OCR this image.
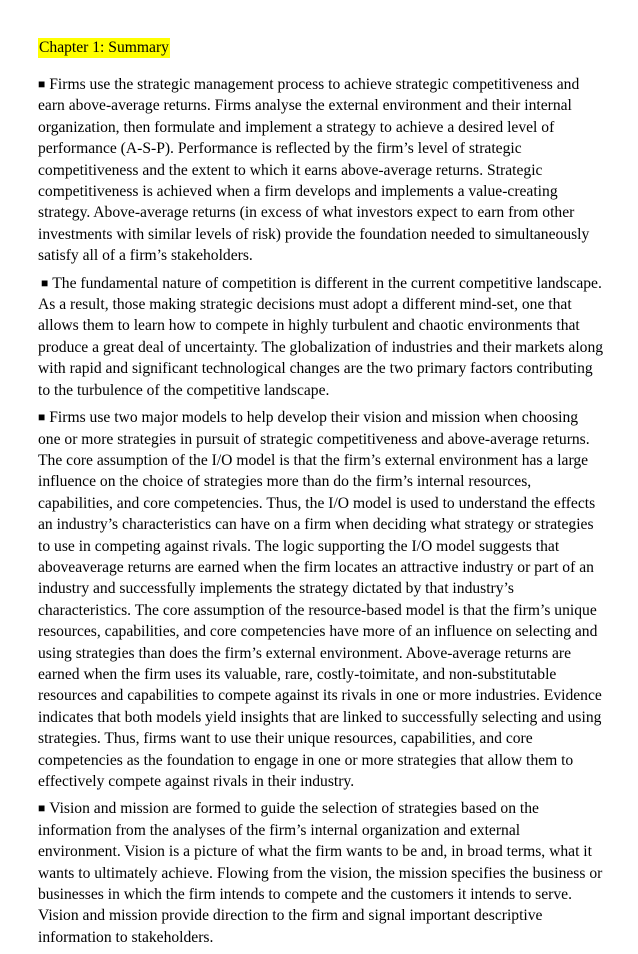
Chapter 1: Summary

■ Firms use the strategic management process to achieve strategic competitiveness and earn above-average returns. Firms analyse the external environment and their internal organization, then formulate and implement a strategy to achieve a desired level of performance (A-S-P). Performance is reflected by the firm’s level of strategic competitiveness and the extent to which it earns above-average returns. Strategic competitiveness is achieved when a firm develops and implements a value-creating strategy. Above-average returns (in excess of what investors expect to earn from other investments with similar levels of risk) provide the foundation needed to simultaneously satisfy all of a firm’s stakeholders.

■ The fundamental nature of competition is different in the current competitive landscape. As a result, those making strategic decisions must adopt a different mind-set, one that allows them to learn how to compete in highly turbulent and chaotic environments that produce a great deal of uncertainty. The globalization of industries and their markets along with rapid and significant technological changes are the two primary factors contributing to the turbulence of the competitive landscape.

■ Firms use two major models to help develop their vision and mission when choosing one or more strategies in pursuit of strategic competitiveness and above-average returns. The core assumption of the I/O model is that the firm’s external environment has a large influence on the choice of strategies more than do the firm’s internal resources, capabilities, and core competencies. Thus, the I/O model is used to understand the effects an industry’s characteristics can have on a firm when deciding what strategy or strategies to use in competing against rivals. The logic supporting the I/O model suggests that aboveaverage returns are earned when the firm locates an attractive industry or part of an industry and successfully implements the strategy dictated by that industry’s characteristics. The core assumption of the resource-based model is that the firm’s unique resources, capabilities, and core competencies have more of an influence on selecting and using strategies than does the firm’s external environment. Above-average returns are earned when the firm uses its valuable, rare, costly-toimitate, and non-substitutable resources and capabilities to compete against its rivals in one or more industries. Evidence indicates that both models yield insights that are linked to successfully selecting and using strategies. Thus, firms want to use their unique resources, capabilities, and core competencies as the foundation to engage in one or more strategies that allow them to effectively compete against rivals in their industry.

■ Vision and mission are formed to guide the selection of strategies based on the information from the analyses of the firm’s internal organization and external environment. Vision is a picture of what the firm wants to be and, in broad terms, what it wants to ultimately achieve. Flowing from the vision, the mission specifies the business or businesses in which the firm intends to compete and the customers it intends to serve. Vision and mission provide direction to the firm and signal important descriptive information to stakeholders.
